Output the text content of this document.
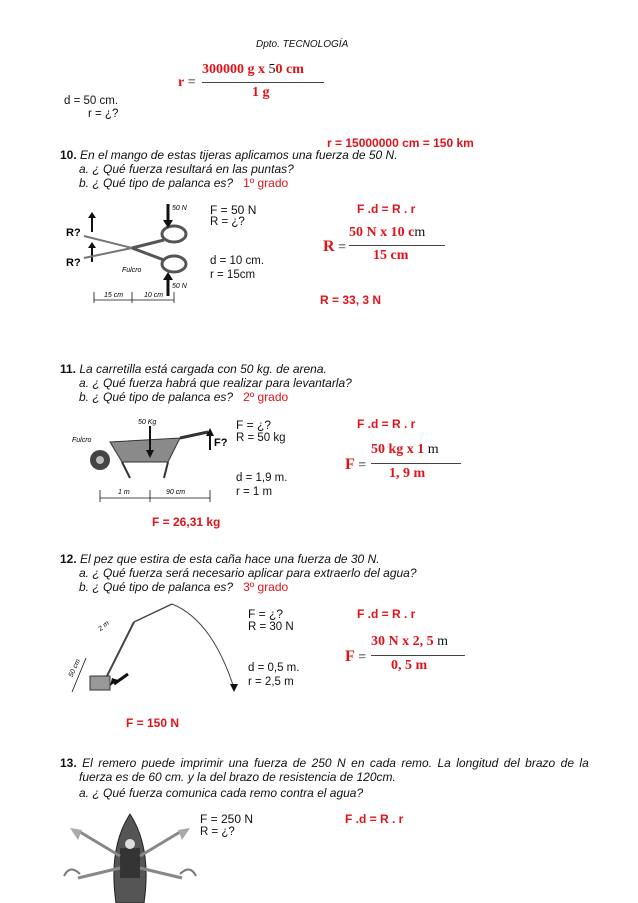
Dpto. TECNOLOGÍA
r =
300000 g x 50 cm
1 g
d = 50 cm.
r = ¿?
r = 15000000 cm = 150 km
10. En el mango de estas tijeras aplicamos una fuerza de 50 N.
a. ¿ Qué fuerza resultará en las puntas?
b. ¿ Qué tipo de palanca es? 1º grado
R?
R?
50 N
50 N
Fulcro
15 cm	10 cm
F = 50 N
R = ¿?
d = 10 cm.
r = 15cm
F .d = R . r
R =
50 N x 10 cm
15 cm
R = 33, 3 N
11. La carretilla está cargada con 50 kg. de arena.
a. ¿ Qué fuerza habrá que realizar para levantarla?
b. ¿ Qué tipo de palanca es? 2º grado
Fulcro
50 Kg
F?
1 m	90 cm
F = ¿?
R = 50 kg
d = 1,9 m.
r = 1 m
F .d = R . r
F =
50 kg x 1 m
1, 9 m
F = 26,31 kg
12. El pez que estira de esta caña hace una fuerza de 30 N.
a. ¿ Qué fuerza será necesario aplicar para extraerlo del agua?
b. ¿ Qué tipo de palanca es? 3º grado
50 cm
2 m
F = ¿?
R = 30 N
d = 0,5 m.
r = 2,5 m
F .d = R . r
F =
30 N x 2, 5 m
0, 5 m
F = 150 N
13. El remero puede imprimir una fuerza de 250 N en cada remo. La longitud del brazo de la
fuerza es de 60 cm. y la del brazo de resistencia de 120cm.
a. ¿ Qué fuerza comunica cada remo contra el agua?
F = 250 N
R = ¿?
F .d = R . r
